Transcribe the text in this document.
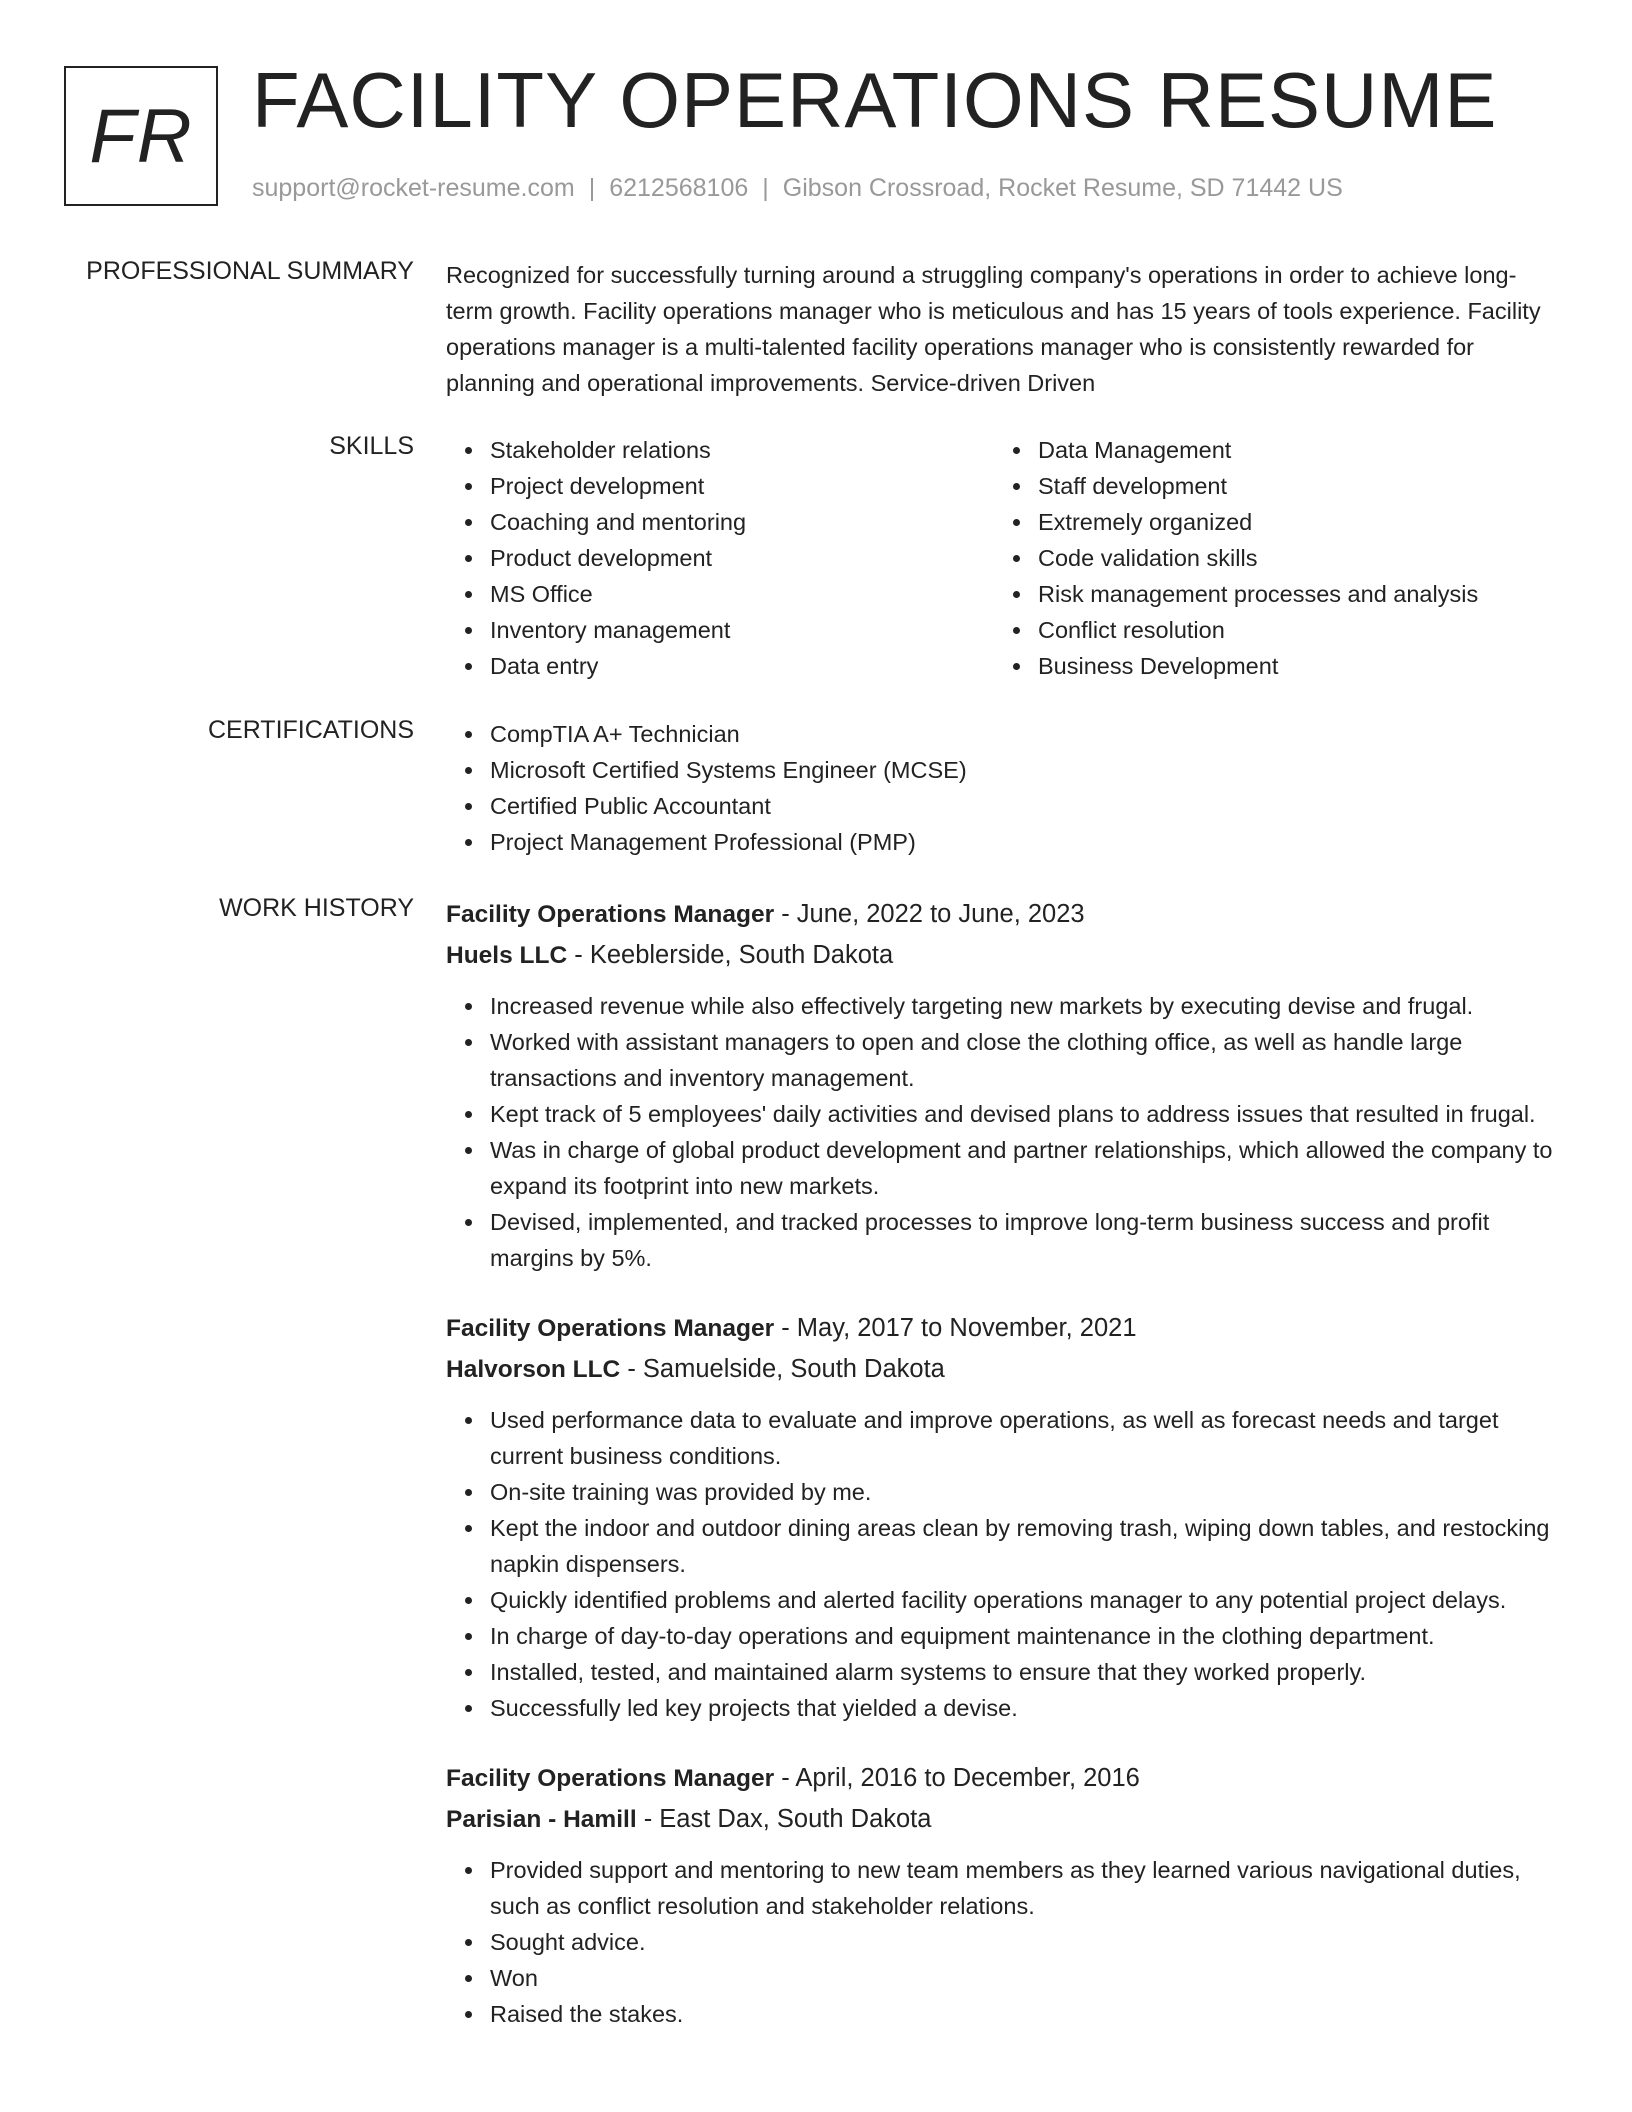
FR FACILITY OPERATIONS RESUME
support@rocket-resume.com | 6212568106 | Gibson Crossroad, Rocket Resume, SD 71442 US
PROFESSIONAL SUMMARY Recognized for successfully turning around a struggling company's operations in order to achieve long-term growth. Facility operations manager who is meticulous and has 15 years of tools experience. Facility operations manager is a multi-talented facility operations manager who is consistently rewarded for planning and operational improvements. Service-driven Driven

SKILLS	Stakeholder relations
Project development
Coaching and mentoring
Product development
MS Office
Inventory management
Data entry
Data Management
Staff development
Extremely organized
Code validation skills
Risk management processes and analysis
Conflict resolution
Business Development
CERTIFICATIONS	CompTIA A+ Technician
Microsoft Certified Systems Engineer (MCSE)
Certified Public Accountant
Project Management Professional (PMP)
WORK HISTORY Facility Operations Manager - June, 2022 to June, 2023
Huels LLC - Keeblerside, South Dakota
Increased revenue while also effectively targeting new markets by executing devise and frugal.
Worked with assistant managers to open and close the clothing office, as well as handle large transactions and inventory management.
Kept track of 5 employees' daily activities and devised plans to address issues that resulted in frugal.
Was in charge of global product development and partner relationships, which allowed the company to expand its footprint into new markets.
Devised, implemented, and tracked processes to improve long-term business success and profit margins by 5%.
Facility Operations Manager - May, 2017 to November, 2021
Halvorson LLC - Samuelside, South Dakota
Used performance data to evaluate and improve operations, as well as forecast needs and target current business conditions.
On-site training was provided by me.
Kept the indoor and outdoor dining areas clean by removing trash, wiping down tables, and restocking napkin dispensers.
Quickly identified problems and alerted facility operations manager to any potential project delays.
In charge of day-to-day operations and equipment maintenance in the clothing department.
Installed, tested, and maintained alarm systems to ensure that they worked properly.
Successfully led key projects that yielded a devise.
Facility Operations Manager - April, 2016 to December, 2016
Parisian - Hamill - East Dax, South Dakota
Provided support and mentoring to new team members as they learned various navigational duties, such as conflict resolution and stakeholder relations.
Sought advice.
Won
Raised the stakes.
